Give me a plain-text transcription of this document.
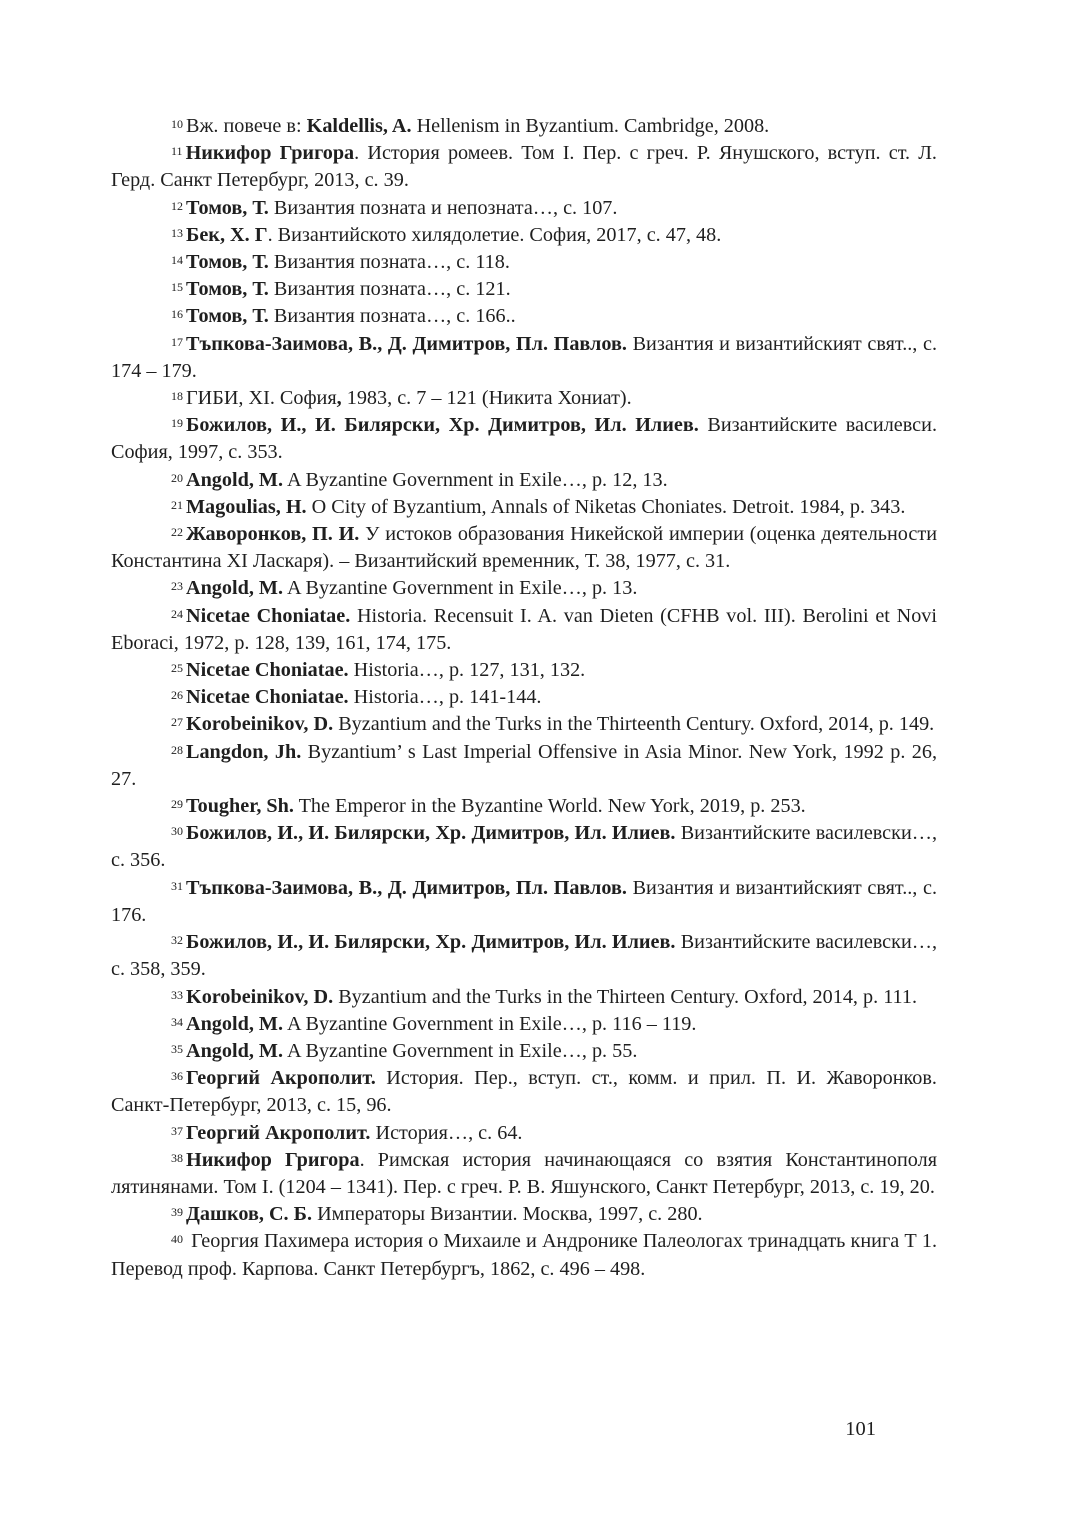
$^{10}$ Вж. повече в: Kaldellis, A. Hellenism in Byzantium. Cambridge, 2008.

$^{11}$ Никифор Григора. История ромеев. Том I. Пер. с греч. Р. Янушского, вступ. ст. Л. Герд. Санкт Петербург, 2013, с. 39.

$^{12}$ Томов, Т. Византия позната и непозната…, с. 107.

$^{13}$ Бек, Х. Г. Византийското хилядолетие. София, 2017, с. 47, 48.

$^{14}$ Томов, Т. Византия позната…, с. 118.

$^{15}$ Томов, Т. Византия позната…, с. 121.

$^{16}$ Томов, Т. Византия позната…, с. 166..

$^{17}$ Тъпкова-Заимова, В., Д. Димитров, Пл. Павлов. Византия и византийският свят.., с. 174 – 179.

$^{18}$ ГИБИ, XI. София, 1983, с. 7 – 121 (Никита Хониат).

$^{19}$ Божилов, И., И. Билярски, Хр. Димитров, Ил. Илиев. Византийските василевси. София, 1997, с. 353.

$^{20}$ Angold, M. A Byzantine Government in Exile…, p. 12, 13.

$^{21}$ Magoulias, H. O City of Byzantium, Annals of Niketas Choniates. Detroit. 1984, p. 343.

$^{22}$ Жаворонков, П. И. У истоков образования Никейской империи (оценка деятельности Константина XI Ласкаря). – Византийский временник, Т. 38, 1977, с. 31.

$^{23}$ Angold, M. A Byzantine Government in Exile…, p. 13.

$^{24}$ Nicetae Choniatae. Historia. Recensuit I. A. van Dieten (CFHB vol. III). Berolini et Novi Eboraci, 1972, p. 128, 139, 161, 174, 175.

$^{25}$ Nicetae Choniatae. Historia…, p. 127, 131, 132.

$^{26}$ Nicetae Choniatae. Historia…, p. 141-144.

$^{27}$ Korobeinikov, D. Byzantium and the Turks in the Thirteenth Century. Oxford, 2014, p. 149.

$^{28}$ Langdon, Jh. Byzantium’ s Last Imperial Offensive in Asia Minor. New York, 1992 p. 26, 27.

$^{29}$ Tougher, Sh. The Emperor in the Byzantine World. New York, 2019, p. 253.

$^{30}$ Божилов, И., И. Билярски, Хр. Димитров, Ил. Илиев. Византийските василевски…, с. 356.

$^{31}$ Тъпкова-Заимова, В., Д. Димитров, Пл. Павлов. Византия и византийският свят.., с. 176.

$^{32}$ Божилов, И., И. Билярски, Хр. Димитров, Ил. Илиев. Византийските василевски…, с. 358, 359.

$^{33}$ Korobeinikov, D. Byzantium and the Turks in the Thirteen Century. Oxford, 2014, p. 111.

$^{34}$ Angold, M. A Byzantine Government in Exile…, p. 116 – 119.

$^{35}$ Angold, M. A Byzantine Government in Exile…, p. 55.

$^{36}$ Георгий Акрополит. История. Пер., вступ. ст., комм. и прил. П. И. Жаворонков. Санкт-Петербург, 2013, с. 15, 96.

$^{37}$ Георгий Акрополит. История…, с. 64.

$^{38}$ Никифор Григора. Римская история начинающаяся со взятия Константинополя лятинянами. Том I. (1204 – 1341). Пер. с греч. Р. В. Яшунского, Санкт Петербург, 2013, с. 19, 20.

$^{39}$ Дашков, С. Б. Императоры Византии. Москва, 1997, с. 280.

$^{40}$ Георгия Пахимера история о Михаиле и Андронике Палеологах тринадцать книга Т 1. Перевод проф. Карпова. Санкт Петербургъ, 1862, с. 496 – 498.

101
